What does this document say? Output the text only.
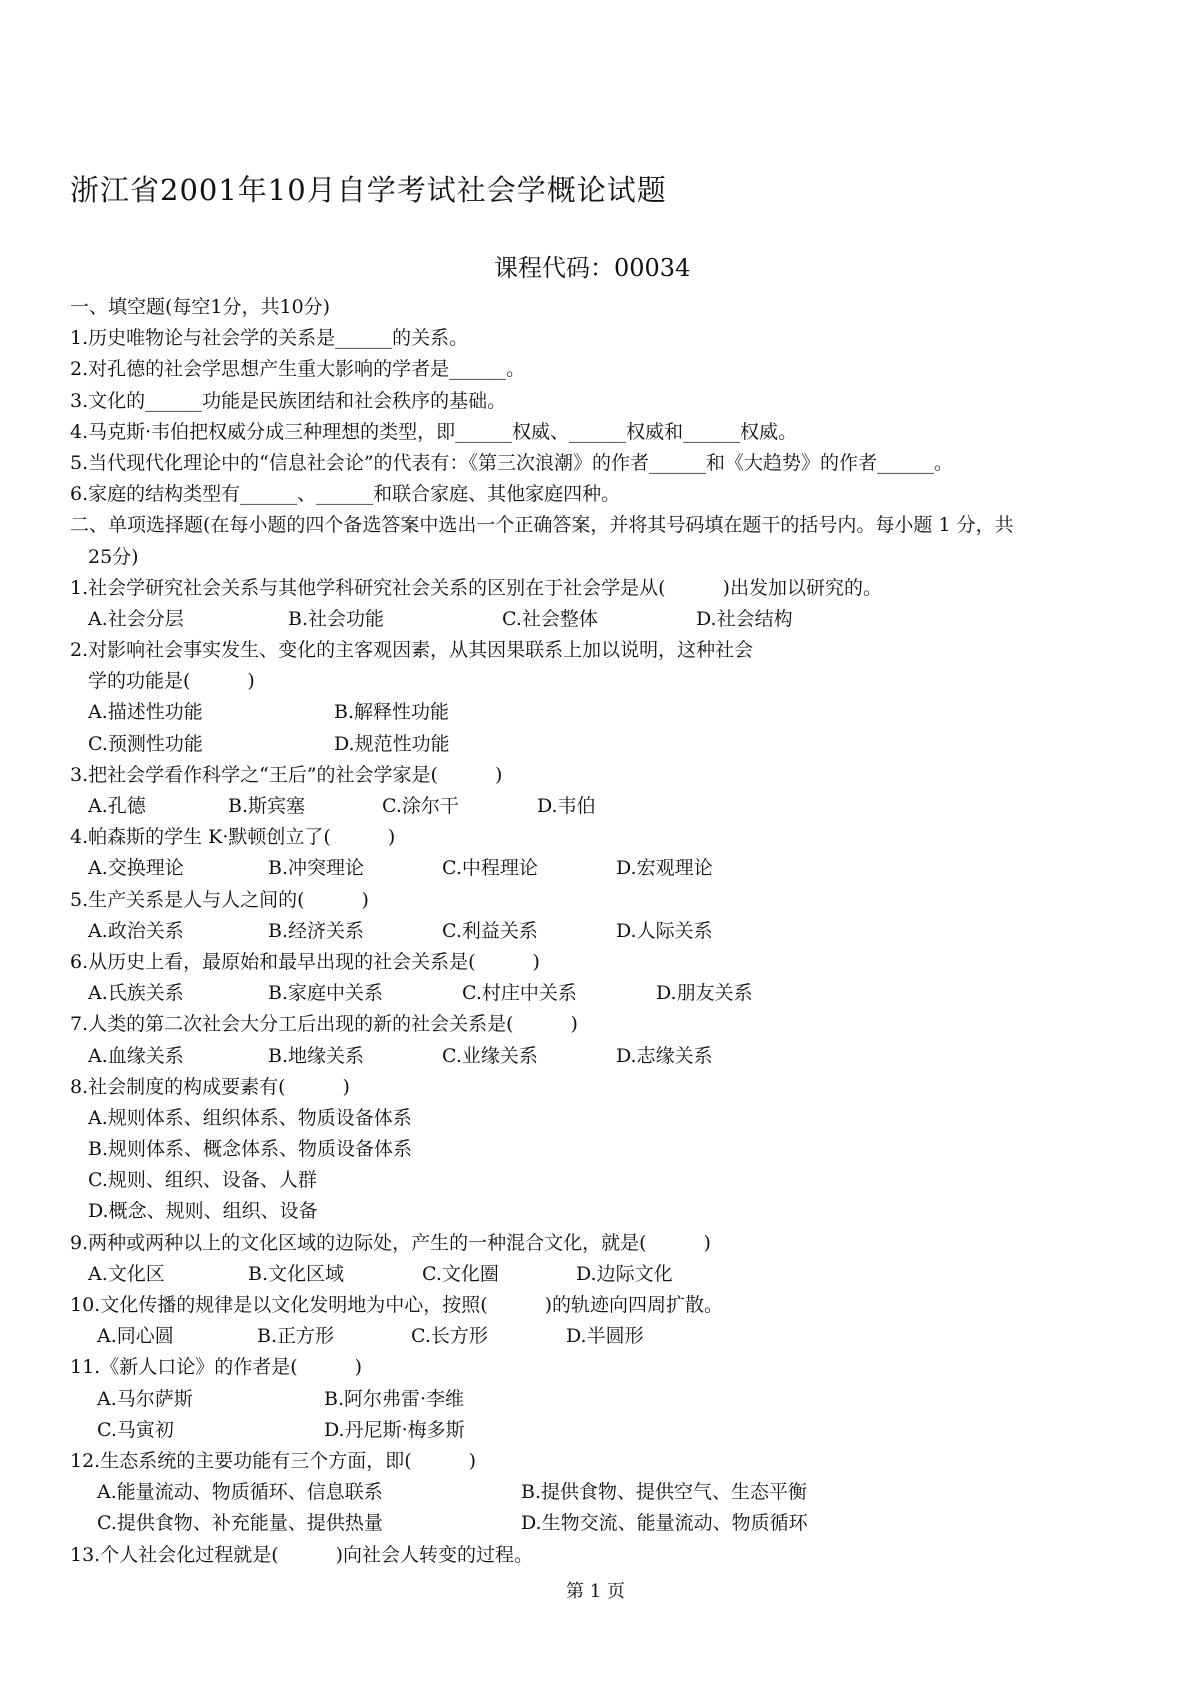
浙江省2001年10月自学考试社会学概论试题
课程代码：00034
一、填空题(每空1分，共10分)
1.历史唯物论与社会学的关系是______的关系。
2.对孔德的社会学思想产生重大影响的学者是______。
3.文化的______功能是民族团结和社会秩序的基础。
4.马克斯·韦伯把权威分成三种理想的类型，即______权威、______权威和______权威。
5.当代现代化理论中的“信息社会论”的代表有：《第三次浪潮》的作者______和《大趋势》的作者______。
6.家庭的结构类型有______、______和联合家庭、其他家庭四种。
二、单项选择题(在每小题的四个备选答案中选出一个正确答案，并将其号码填在题干的括号内。每小题 1 分，共
25分)
1.社会学研究社会关系与其他学科研究社会关系的区别在于社会学是从(　　　)出发加以研究的。
A.社会分层	B.社会功能	C.社会整体	D.社会结构
2.对影响社会事实发生、变化的主客观因素，从其因果联系上加以说明，这种社会
学的功能是(　　　)
A.描述性功能	B.解释性功能
C.预测性功能	D.规范性功能
3.把社会学看作科学之“王后”的社会学家是(　　　)
A.孔德	B.斯宾塞	C.涂尔干	D.韦伯
4.帕森斯的学生 K·默顿创立了(　　　)
A.交换理论	B.冲突理论	C.中程理论	D.宏观理论
5.生产关系是人与人之间的(　　　)
A.政治关系	B.经济关系	C.利益关系	D.人际关系
6.从历史上看，最原始和最早出现的社会关系是(　　　)
A.氏族关系	B.家庭中关系	C.村庄中关系	D.朋友关系
7.人类的第二次社会大分工后出现的新的社会关系是(　　　)
A.血缘关系	B.地缘关系	C.业缘关系	D.志缘关系
8.社会制度的构成要素有(　　　)
A.规则体系、组织体系、物质设备体系
B.规则体系、概念体系、物质设备体系
C.规则、组织、设备、人群
D.概念、规则、组织、设备
9.两种或两种以上的文化区域的边际处，产生的一种混合文化，就是(　　　)
A.文化区	B.文化区域	C.文化圈	D.边际文化
10.文化传播的规律是以文化发明地为中心，按照(　　　)的轨迹向四周扩散。
A.同心圆	B.正方形	C.长方形	D.半圆形
11.《新人口论》的作者是(　　　)
A.马尔萨斯	B.阿尔弗雷·李维
C.马寅初	D.丹尼斯·梅多斯
12.生态系统的主要功能有三个方面，即(　　　)
A.能量流动、物质循环、信息联系	B.提供食物、提供空气、生态平衡
C.提供食物、补充能量、提供热量	D.生物交流、能量流动、物质循环
13.个人社会化过程就是(　　　)向社会人转变的过程。
第 1 页
